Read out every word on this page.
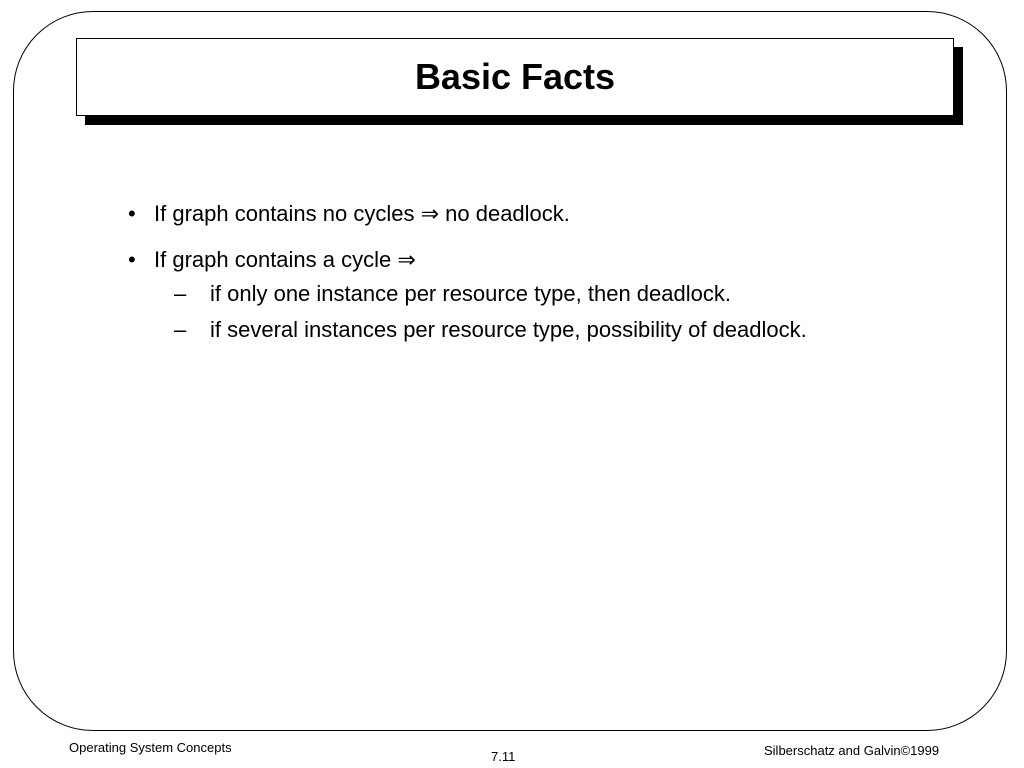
Basic Facts
• If graph contains no cycles ⇒ no deadlock.
• If graph contains a cycle ⇒
– if only one instance per resource type, then deadlock.
– if several instances per resource type, possibility of deadlock.
Operating System Concepts
7.11	Silberschatz and Galvin©1999
